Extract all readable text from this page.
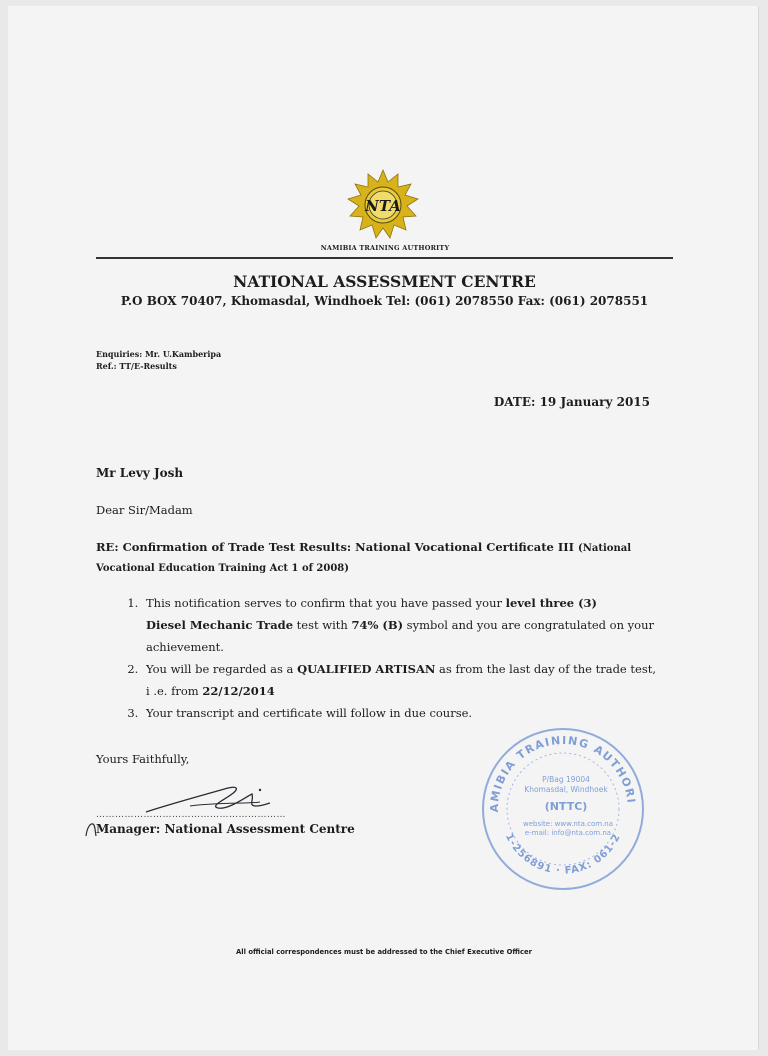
NTA
NAMIBIA TRAINING AUTHORITY
NATIONAL ASSESSMENT CENTRE
P.O BOX 70407, Khomasdal, Windhoek Tel: (061) 2078550 Fax: (061) 2078551
Enquiries: Mr. U.Kamberipa
Ref.: TT/E-Results
DATE: 19 January 2015
Mr Levy Josh
Dear Sir/Madam
RE: Confirmation of Trade Test Results: National Vocational Certificate III (National Vocational Education Training Act 1 of 2008)
1. This notification serves to confirm that you have passed your level three (3)
Diesel Mechanic Trade test with 74% (B) symbol and you are congratulated on your achievement.
2. You will be regarded as a QUALIFIED ARTISAN as from the last day of the trade test,
i .e. from 22/12/2014
3. Your transcript and certificate will follow in due course.
Yours Faithfully,
……………………………………………………
Manager: National Assessment Centre
AMIBIA TRAINING AUTHORI
1-256891 · FAX: 061-2
P/Bag 19004
Khomasdal, Windhoek
(NTTC)
website: www.nta.com.na
e-mail: info@nta.com.na
All official correspondences must be addressed to the Chief Executive Officer
